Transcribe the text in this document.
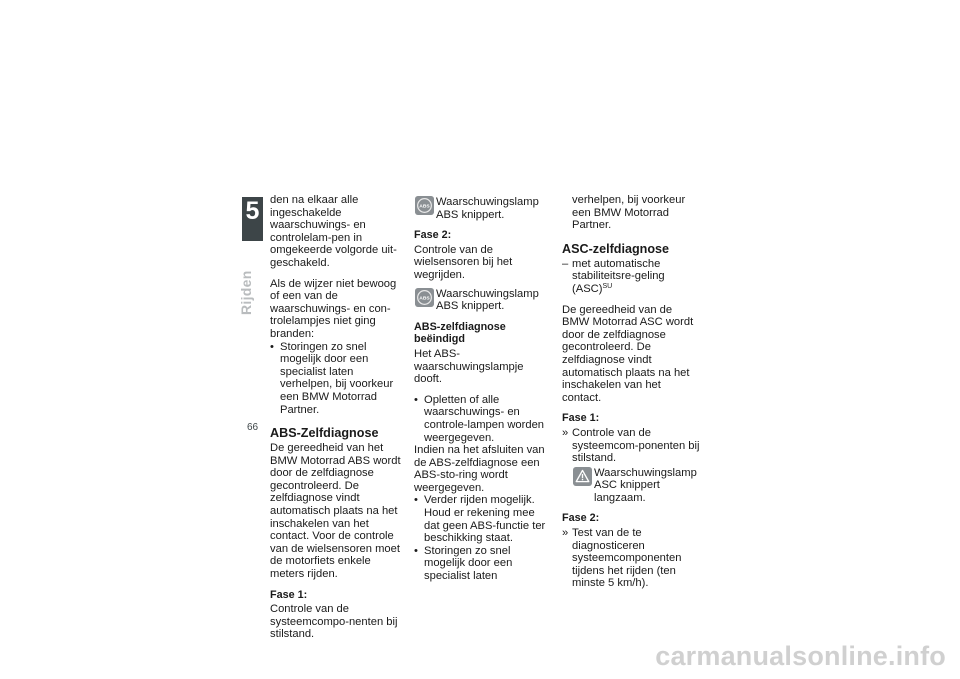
5
66
Rijden

den na elkaar alle ingeschakelde waarschuwings- en controlelam-pen in omgekeerde volgorde uit-geschakeld.

Als de wijzer niet bewoog of een van de waarschuwings- en con-trolelampjes niet ging branden:

• Storingen zo snel mogelijk door een specialist laten verhelpen, bij voorkeur een BMW Motorrad Partner.
ABS-Zelfdiagnose

De gereedheid van het BMW Motorrad ABS wordt door de zelfdiagnose gecontroleerd. De zelfdiagnose vindt automatisch plaats na het inschakelen van het contact. Voor de controle van de wielsensoren moet de motorfiets enkele meters rijden.

Fase 1:

Controle van de systeemcompo-nenten bij stilstand.

ABS Waarschuwingslamp ABS knippert.
Fase 2:

Controle van de wielsensoren bij het wegrijden.

ABS Waarschuwingslamp ABS knippert.
ABS-zelfdiagnose beëindigd

Het ABS-waarschuwingslampje dooft.

• Opletten of alle waarschuwings- en controle-lampen worden weergegeven.

Indien na het afsluiten van de ABS-zelfdiagnose een ABS-sto-ring wordt weergegeven.

• Verder rijden mogelijk. Houd er rekening mee dat geen ABS-functie ter beschikking staat.
• Storingen zo snel mogelijk door een specialist laten

verhelpen, bij voorkeur een BMW Motorrad Partner.

ASC-zelfdiagnose
– met automatische stabiliteitsre-geling (ASC)$^{SU}$

De gereedheid van de BMW Motorrad ASC wordt door de zelfdiagnose gecontroleerd. De zelfdiagnose vindt automatisch plaats na het inschakelen van het contact.

Fase 1:
» Controle van de systeemcom-ponenten bij stilstand.
Waarschuwingslamp ASC knippert langzaam.
Fase 2:
» Test van de te diagnosticeren systeemcomponenten tijdens het rijden (ten minste 5 km/h).
carmanualsonline.info
